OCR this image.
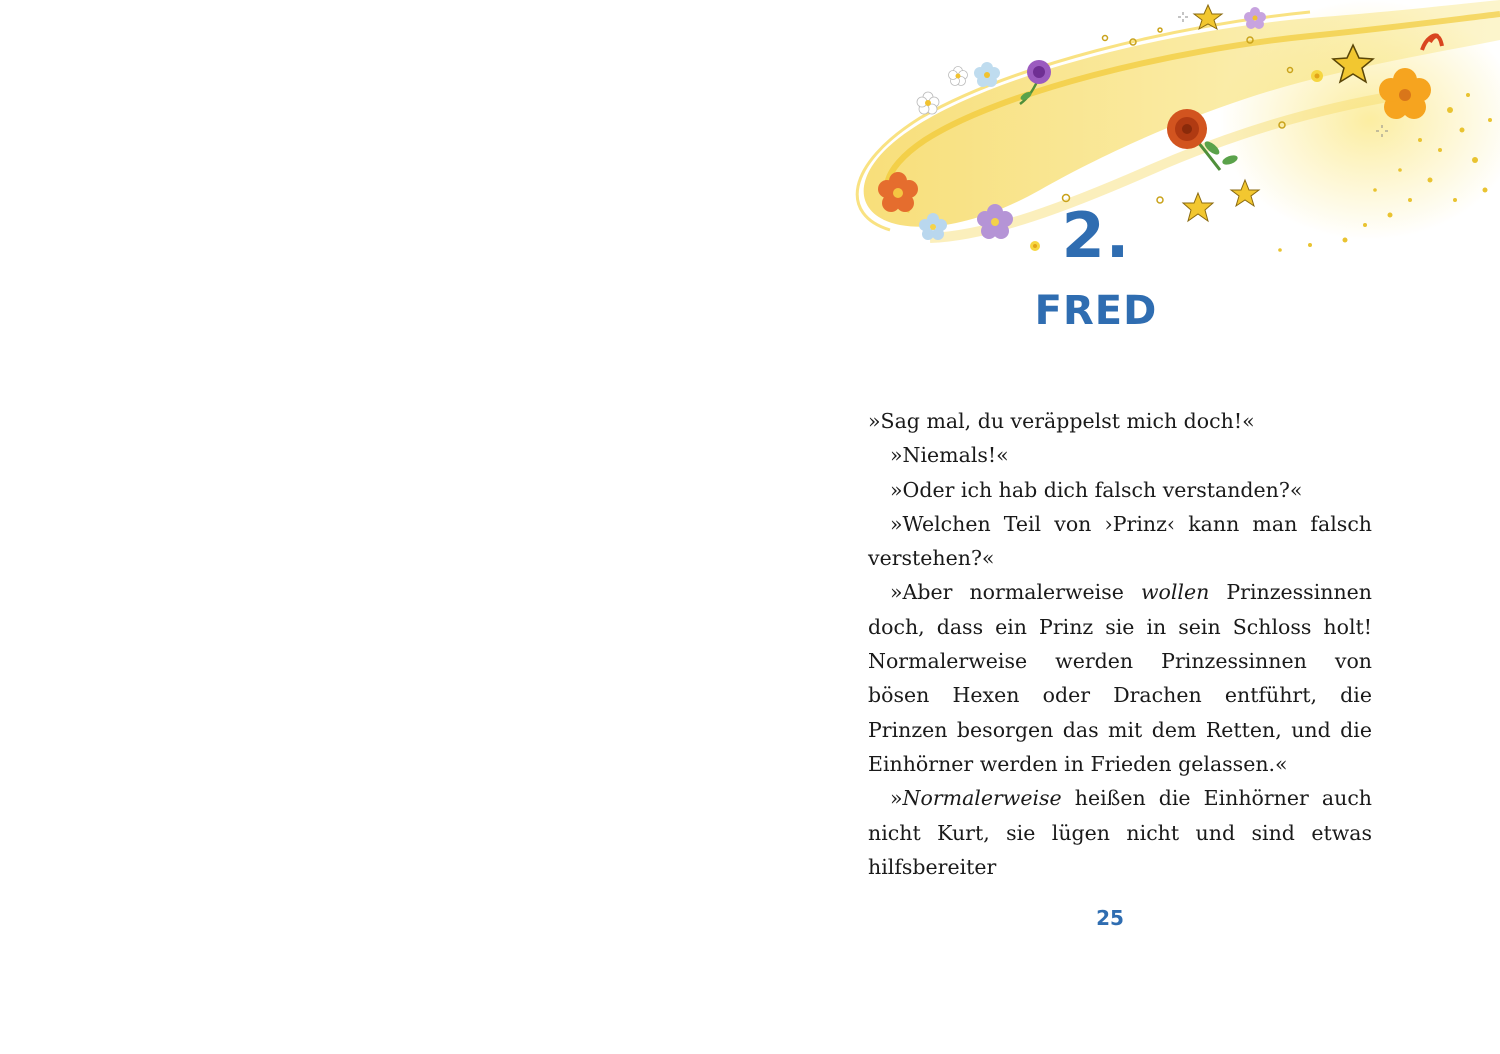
2.
FRED

»Sag mal, du veräppelst mich doch!«

»Niemals!«

»Oder ich hab dich falsch verstanden?«

»Welchen Teil von ›Prinz‹ kann man falsch verstehen?«

»Aber normalerweise wollen Prinzessinnen doch, dass ein Prinz sie in sein Schloss holt! Normalerweise werden Prinzessinnen von bösen Hexen oder Drachen entführt, die Prinzen besorgen das mit dem Retten, und die Einhörner werden in Frieden gelassen.«

»Normalerweise heißen die Einhörner auch nicht Kurt, sie lügen nicht und sind etwas hilfsbereiter

25
